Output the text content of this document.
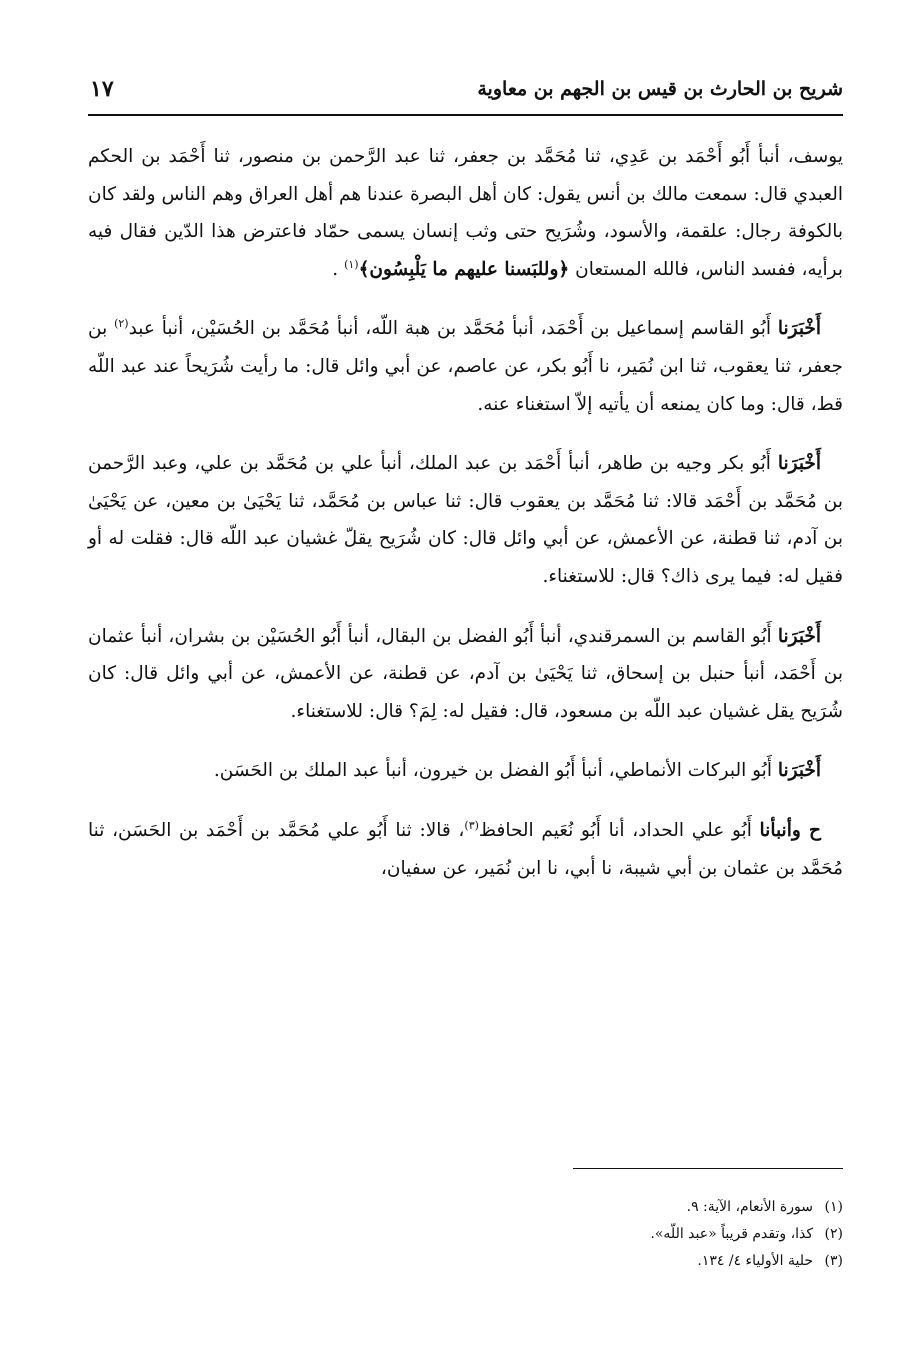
شريح بن الحارث بن قيس بن الجهم بن معاوية
١٧

يوسف، أنبأ أَبُو أَحْمَد بن عَدِي، ثنا مُحَمَّد بن جعفر، ثنا عبد الرَّحمن بن منصور، ثنا أَحْمَد بن الحكم العبدي قال: سمعت مالك بن أنس يقول: كان أهل البصرة عندنا هم أهل العراق وهم الناس ولقد كان بالكوفة رجال: علقمة، والأسود، وشُرَيح حتى وثب إنسان يسمى حمّاد فاعترض هذا الدّين فقال فيه برأيه، ففسد الناس، فالله المستعان ﴿وللبَسنا عليهم ما يَلْبِسُون﴾$^{(١)}$ .

أَخْبَرَنا أَبُو القاسم إسماعيل بن أَحْمَد، أنبأ مُحَمَّد بن هبة اللّه، أنبأ مُحَمَّد بن الحُسَيْن، أنبأ عبد$^{(٢)}$ بن جعفر، ثنا يعقوب، ثنا ابن نُمَير، نا أَبُو بكر، عن عاصم، عن أبي وائل قال: ما رأيت شُرَيحاً عند عبد اللّه قط، قال: وما كان يمنعه أن يأتيه إلاّ استغناء عنه.

أَخْبَرَنا أَبُو بكر وجيه بن طاهر، أنبأ أَحْمَد بن عبد الملك، أنبأ علي بن مُحَمَّد بن علي، وعبد الرَّحمن بن مُحَمَّد بن أَحْمَد قالا: ثنا مُحَمَّد بن يعقوب قال: ثنا عباس بن مُحَمَّد، ثنا يَحْيَىٰ بن معين، عن يَحْيَىٰ بن آدم، ثنا قطنة، عن الأعمش، عن أبي وائل قال: كان شُرَيح يقلّ غشيان عبد اللّه قال: فقلت له أو فقيل له: فيما يرى ذاك؟ قال: للاستغناء.

أَخْبَرَنا أَبُو القاسم بن السمرقندي، أنبأ أَبُو الفضل بن البقال، أنبأ أَبُو الحُسَيْن بن بشران، أنبأ عثمان بن أَحْمَد، أنبأ حنبل بن إسحاق، ثنا يَحْيَىٰ بن آدم، عن قطنة، عن الأعمش، عن أبي وائل قال: كان شُرَيح يقل غشيان عبد اللّه بن مسعود، قال: فقيل له: لِمَ؟ قال: للاستغناء.

أَخْبَرَنا أَبُو البركات الأنماطي، أنبأ أَبُو الفضل بن خيرون، أنبأ عبد الملك بن الحَسَن.

ح وأنبأنا أَبُو علي الحداد، أنا أَبُو نُعَيم الحافظ$^{(٣)}$، قالا: ثنا أَبُو علي مُحَمَّد بن أَحْمَد بن الحَسَن، ثنا مُحَمَّد بن عثمان بن أبي شيبة، نا أبي، نا ابن نُمَير، عن سفيان،

(١)سورة الأنعام، الآية: ٩.

(٢)كذا، وتقدم قريباً «عبد اللّه».

(٣)حلية الأولياء ٤/ ١٣٤.
